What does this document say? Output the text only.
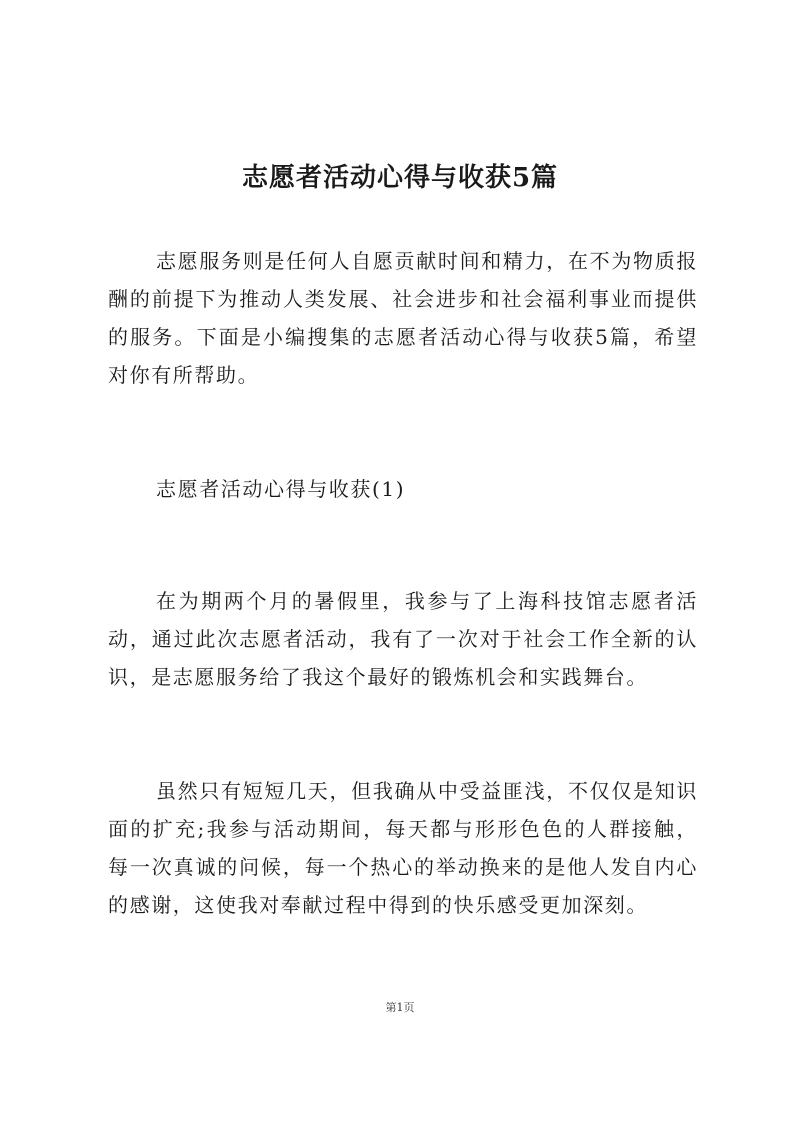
志愿者活动心得与收获5篇

志愿服务则是任何人自愿贡献时间和精力，在不为物质报酬的前提下为推动人类发展、社会进步和社会福利事业而提供的服务。下面是小编搜集的志愿者活动心得与收获5篇，希望对你有所帮助。

志愿者活动心得与收获(1)

在为期两个月的暑假里，我参与了上海科技馆志愿者活动，通过此次志愿者活动，我有了一次对于社会工作全新的认识，是志愿服务给了我这个最好的锻炼机会和实践舞台。

虽然只有短短几天，但我确从中受益匪浅，不仅仅是知识面的扩充;我参与活动期间，每天都与形形色色的人群接触，每一次真诚的问候，每一个热心的举动换来的是他人发自内心的感谢，这使我对奉献过程中得到的快乐感受更加深刻。

第1页
